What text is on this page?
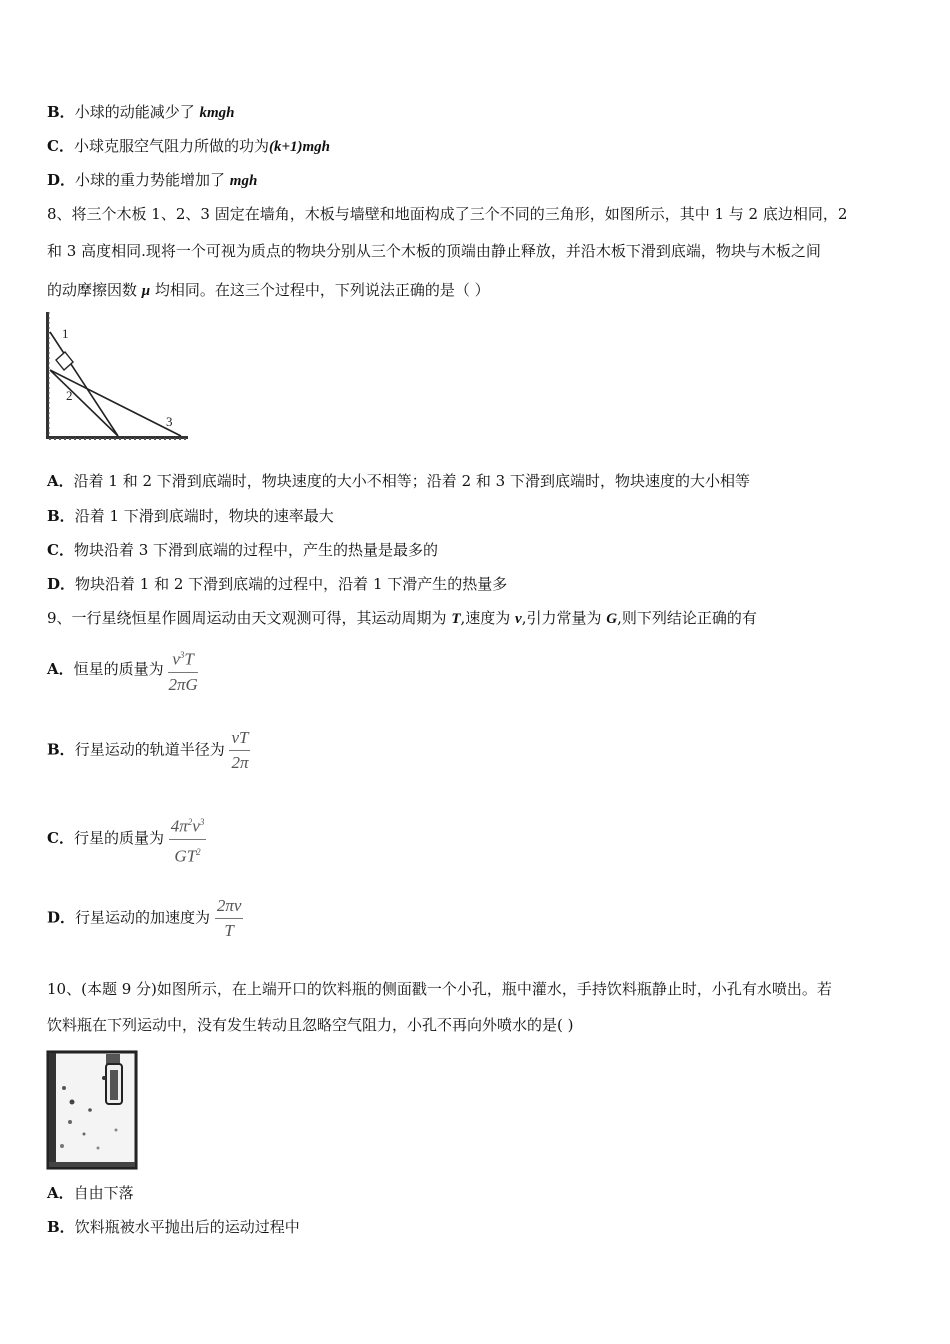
B．小球的动能减少了 kmgh
C．小球克服空气阻力所做的功为(k+1)mgh
D．小球的重力势能增加了 mgh
8、将三个木板 1、2、3 固定在墙角，木板与墙壁和地面构成了三个不同的三角形，如图所示，其中 1 与 2 底边相同，2
和 3 高度相同.现将一个可视为质点的物块分别从三个木板的顶端由静止释放，并沿木板下滑到底端，物块与木板之间
的动摩擦因数 μ 均相同。在这三个过程中，下列说法正确的是（ ）
1
2
3
A．沿着 1 和 2 下滑到底端时，物块速度的大小不相等；沿着 2 和 3 下滑到底端时，物块速度的大小相等
B．沿着 1 下滑到底端时，物块的速率最大
C．物块沿着 3 下滑到底端的过程中，产生的热量是最多的
D．物块沿着 1 和 2 下滑到底端的过程中，沿着 1 下滑产生的热量多
9、一行星绕恒星作圆周运动由天文观测可得，其运动周期为 T,速度为 v,引力常量为 G,则下列结论正确的有
A．恒星的质量为 $\frac{v^3T}{2\pi G}$
B．行星运动的轨道半径为 $\frac{vT}{2\pi}$
C．行星的质量为 $\frac{4\pi^2v^3}{GT^2}$
D．行星运动的加速度为 $\frac{2\pi v}{T}$
10、(本题 9 分)如图所示，在上端开口的饮料瓶的侧面戳一个小孔，瓶中灌水，手持饮料瓶静止时，小孔有水喷出。若
饮料瓶在下列运动中，没有发生转动且忽略空气阻力，小孔不再向外喷水的是( )
A．自由下落
B．饮料瓶被水平抛出后的运动过程中
